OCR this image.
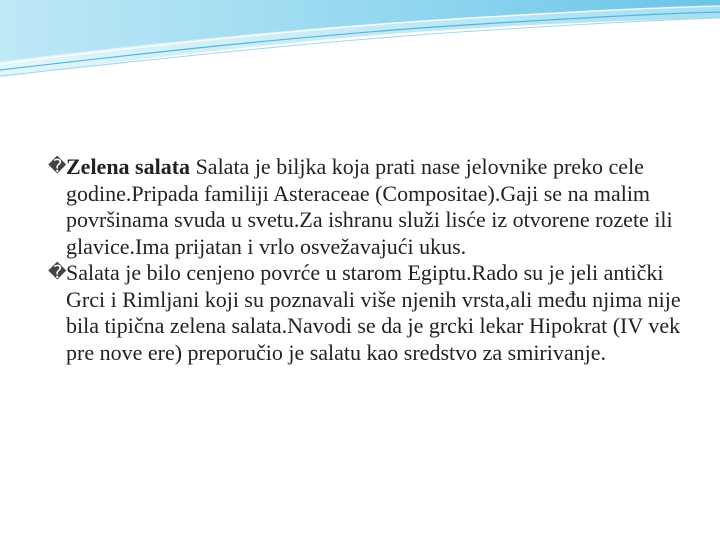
� Zelena salata Salata je biljka koja prati nase jelovnike preko cele godine.Pripada familiji Asteraceae (Compositae).Gaji se na malim površinama svuda u svetu.Za ishranu služi lisće iz otvorene rozete ili glavice.Ima prijatan i vrlo osvežavajući ukus.

� Salata je bilo cenjeno povrće u starom Egiptu.Rado su je jeli antički Grci i Rimljani koji su poznavali više njenih vrsta,ali među njima nije bila tipična zelena salata.Navodi se da je grcki lekar Hipokrat (IV vek pre nove ere) preporučio je salatu kao sredstvo za smirivanje.
